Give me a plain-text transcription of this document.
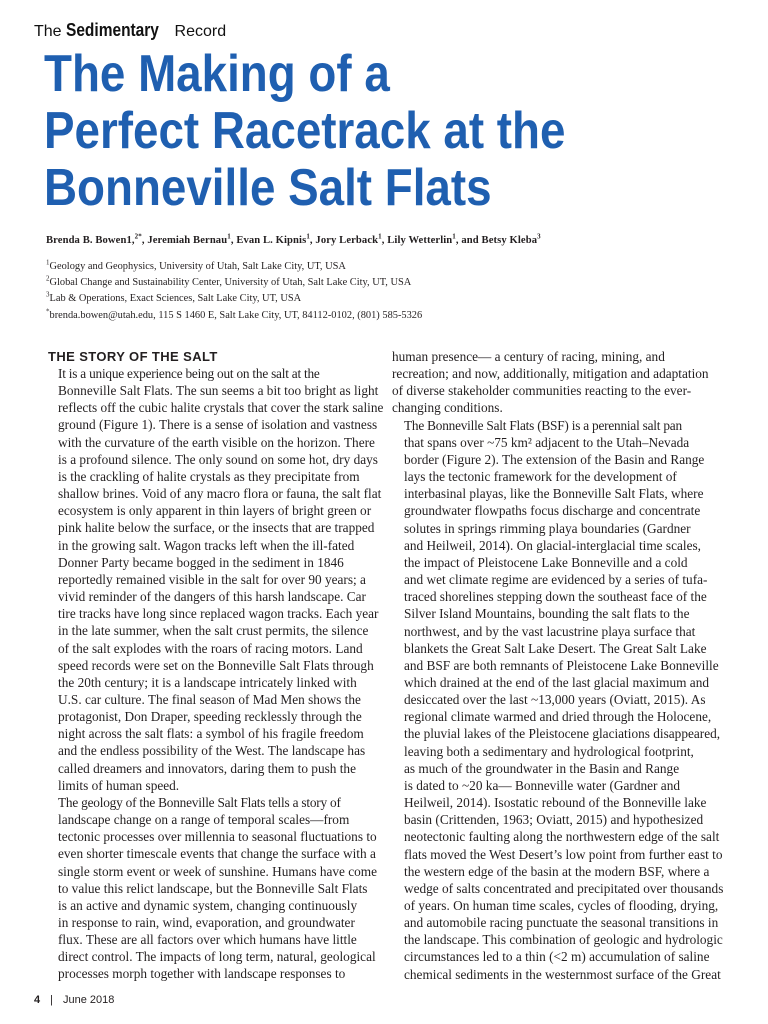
The Sedimentary Record
The Making of a
Perfect Racetrack at the
Bonneville Salt Flats
Brenda B. Bowen1,$^{2*}$, Jeremiah Bernau$^1$, Evan L. Kipnis$^1$, Jory Lerback$^1$, Lily Wetterlin$^1$, and Betsy Kleba$^3$
$^1$Geology and Geophysics, University of Utah, Salt Lake City, UT, USA
$^2$Global Change and Sustainability Center, University of Utah, Salt Lake City, UT, USA
$^3$Lab & Operations, Exact Sciences, Salt Lake City, UT, USA
*brenda.bowen@utah.edu, 115 S 1460 E, Salt Lake City, UT, 84112-0102, (801) 585-5326
THE STORY OF THE SALT

It is a unique experience being out on the salt at the
Bonneville Salt Flats. The sun seems a bit too bright as light
reflects off the cubic halite crystals that cover the stark saline
ground (Figure 1). There is a sense of isolation and vastness
with the curvature of the earth visible on the horizon. There
is a profound silence. The only sound on some hot, dry days
is the crackling of halite crystals as they precipitate from
shallow brines. Void of any macro flora or fauna, the salt flat
ecosystem is only apparent in thin layers of bright green or
pink halite below the surface, or the insects that are trapped
in the growing salt. Wagon tracks left when the ill-fated
Donner Party became bogged in the sediment in 1846
reportedly remained visible in the salt for over 90 years; a
vivid reminder of the dangers of this harsh landscape. Car
tire tracks have long since replaced wagon tracks. Each year
in the late summer, when the salt crust permits, the silence
of the salt explodes with the roars of racing motors. Land
speed records were set on the Bonneville Salt Flats through
the 20th century; it is a landscape intricately linked with
U.S. car culture. The final season of Mad Men shows the
protagonist, Don Draper, speeding recklessly through the
night across the salt flats: a symbol of his fragile freedom
and the endless possibility of the West. The landscape has
called dreamers and innovators, daring them to push the
limits of human speed.

The geology of the Bonneville Salt Flats tells a story of
landscape change on a range of temporal scales—from
tectonic processes over millennia to seasonal fluctuations to
even shorter timescale events that change the surface with a
single storm event or week of sunshine. Humans have come
to value this relict landscape, but the Bonneville Salt Flats
is an active and dynamic system, changing continuously
in response to rain, wind, evaporation, and groundwater
flux. These are all factors over which humans have little
direct control. The impacts of long term, natural, geological
processes morph together with landscape responses to

human presence— a century of racing, mining, and
recreation; and now, additionally, mitigation and adaptation
of diverse stakeholder communities reacting to the ever-
changing conditions.

The Bonneville Salt Flats (BSF) is a perennial salt pan
that spans over ~75 km² adjacent to the Utah–Nevada
border (Figure 2). The extension of the Basin and Range
lays the tectonic framework for the development of
interbasinal playas, like the Bonneville Salt Flats, where
groundwater flowpaths focus discharge and concentrate
solutes in springs rimming playa boundaries (Gardner
and Heilweil, 2014). On glacial-interglacial time scales,
the impact of Pleistocene Lake Bonneville and a cold
and wet climate regime are evidenced by a series of tufa-
traced shorelines stepping down the southeast face of the
Silver Island Mountains, bounding the salt flats to the
northwest, and by the vast lacustrine playa surface that
blankets the Great Salt Lake Desert. The Great Salt Lake
and BSF are both remnants of Pleistocene Lake Bonneville
which drained at the end of the last glacial maximum and
desiccated over the last ~13,000 years (Oviatt, 2015). As
regional climate warmed and dried through the Holocene,
the pluvial lakes of the Pleistocene glaciations disappeared,
leaving both a sedimentary and hydrological footprint,
as much of the groundwater in the Basin and Range
is dated to ~20 ka— Bonneville water (Gardner and
Heilweil, 2014). Isostatic rebound of the Bonneville lake
basin (Crittenden, 1963; Oviatt, 2015) and hypothesized
neotectonic faulting along the northwestern edge of the salt
flats moved the West Desert’s low point from further east to
the western edge of the basin at the modern BSF, where a
wedge of salts concentrated and precipitated over thousands
of years. On human time scales, cycles of flooding, drying,
and automobile racing punctuate the seasonal transitions in
the landscape. This combination of geologic and hydrologic
circumstances led to a thin (<2 m) accumulation of saline
chemical sediments in the westernmost surface of the Great

4 | June 2018
